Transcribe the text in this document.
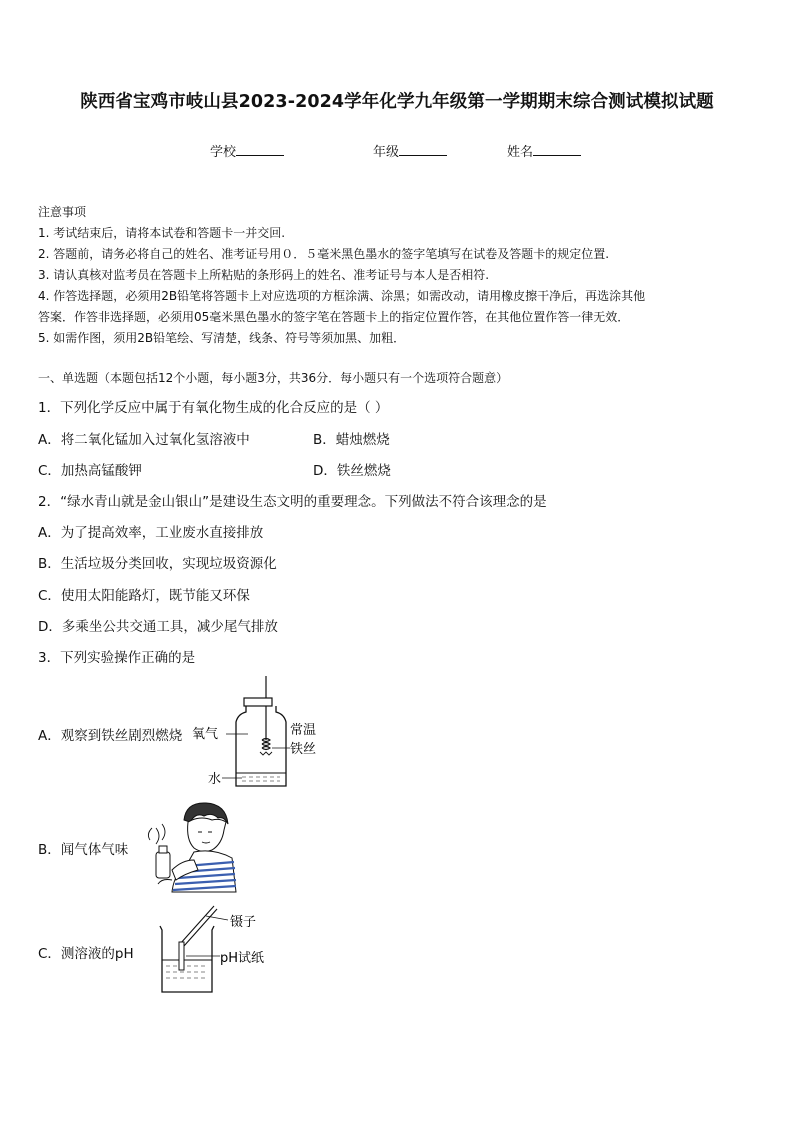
陕西省宝鸡市岐山县2023-2024学年化学九年级第一学期期末综合测试模拟试题
学校	年级	姓名
注意事项
1. 考试结束后，请将本试卷和答题卡一并交回.
2. 答题前，请务必将自己的姓名、准考证号用０．５毫米黑色墨水的签字笔填写在试卷及答题卡的规定位置.
3. 请认真核对监考员在答题卡上所粘贴的条形码上的姓名、准考证号与本人是否相符.
4. 作答选择题，必须用2B铅笔将答题卡上对应选项的方框涂满、涂黑；如需改动，请用橡皮擦干净后，再选涂其他
答案．作答非选择题，必须用05毫米黑色墨水的签字笔在答题卡上的指定位置作答，在其他位置作答一律无效．
5. 如需作图，须用2B铅笔绘、写清楚，线条、符号等须加黑、加粗．
一、单选题（本题包括12个小题，每小题3分，共36分．每小题只有一个选项符合题意）
1．下列化学反应中属于有氧化物生成的化合反应的是（ ）
A．将二氧化锰加入过氧化氢溶液中	B．蜡烛燃烧
C．加热高锰酸钾	D．铁丝燃烧
2．“绿水青山就是金山银山”是建设生态文明的重要理念。下列做法不符合该理念的是
A．为了提高效率，工业废水直接排放
B．生活垃圾分类回收，实现垃圾资源化
C．使用太阳能路灯，既节能又环保
D．多乘坐公共交通工具，减少尾气排放
3．下列实验操作正确的是
A．观察到铁丝剧烈燃烧 氧气	常温
铁丝
水
B．闻气体气味
C．测溶液的pH
镊子
pH试纸
